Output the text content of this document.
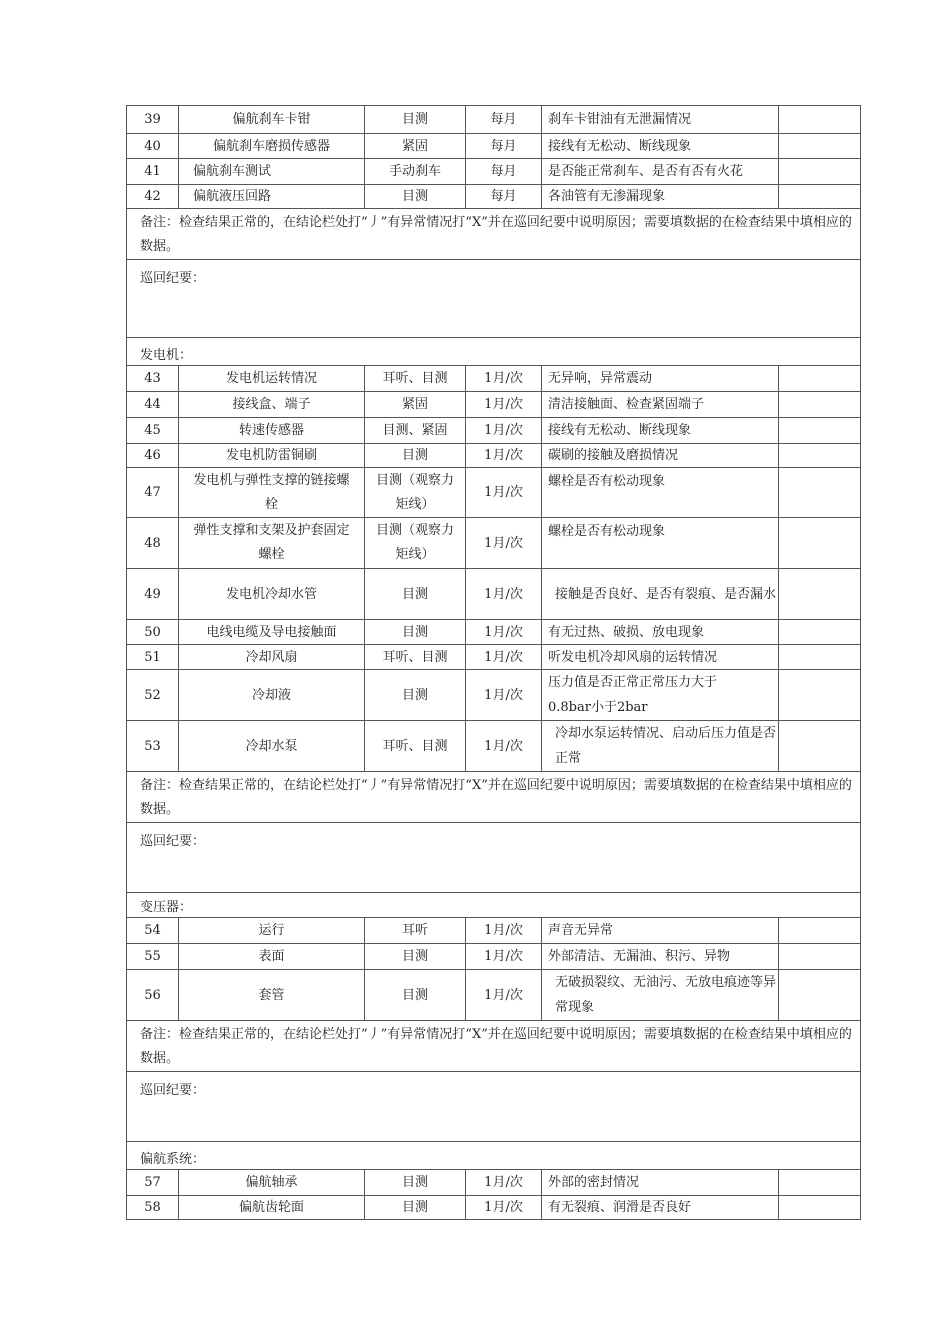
39	偏航刹车卡钳	目测	每月	刹车卡钳油有无泄漏情况	
40	偏航刹车磨损传感器	紧固	每月	接线有无松动、断线现象	
41	偏航刹车测试	手动刹车	每月	是否能正常刹车、是否有否有火花	
42	偏航液压回路	目测	每月	各油管有无渗漏现象	
备注：检查结果正常的，在结论栏处打“丿”有异常情况打“X”并在巡回纪要中说明原因；需要填数据的在检查结果中填相应的数据。					
巡回纪要：					
发电机：					
43	发电机运转情况	耳听、目测	1月/次	无异响，异常震动	
44	接线盒、端子	紧固	1月/次	清洁接触面、检查紧固端子	
45	转速传感器	目测、紧固	1月/次	接线有无松动、断线现象	
46	发电机防雷铜刷	目测	1月/次	碳刷的接触及磨损情况	
47	发电机与弹性支撑的链接螺栓	目测（观察力矩线）	1月/次	螺栓是否有松动现象	
48	弹性支撑和支架及护套固定螺栓	目测（观察力矩线）	1月/次	螺栓是否有松动现象	
49	发电机冷却水管	目测	1月/次	接触是否良好、是否有裂痕、是否漏水	
50	电线电缆及导电接触面	目测	1月/次	有无过热、破损、放电现象	
51	冷却风扇	耳听、目测	1月/次	听发电机冷却风扇的运转情况	
52	冷却液	目测	1月/次	压力值是否正常正常压力大于0.8bar小于2bar	
53	冷却水泵	耳听、目测	1月/次	冷却水泵运转情况、启动后压力值是否正常	
备注：检查结果正常的，在结论栏处打“丿”有异常情况打“X”并在巡回纪要中说明原因；需要填数据的在检查结果中填相应的数据。					
巡回纪要：					
变压器：					
54	运行	耳听	1月/次	声音无异常	
55	表面	目测	1月/次	外部清洁、无漏油、积污、异物	
56	套管	目测	1月/次	无破损裂纹、无油污、无放电痕迹等异常现象	
备注：检查结果正常的，在结论栏处打“丿”有异常情况打“X”并在巡回纪要中说明原因；需要填数据的在检查结果中填相应的数据。					
巡回纪要：					
偏航系统：					
57	偏航轴承	目测	1月/次	外部的密封情况	
58	偏航齿轮面	目测	1月/次	有无裂痕、润滑是否良好	
